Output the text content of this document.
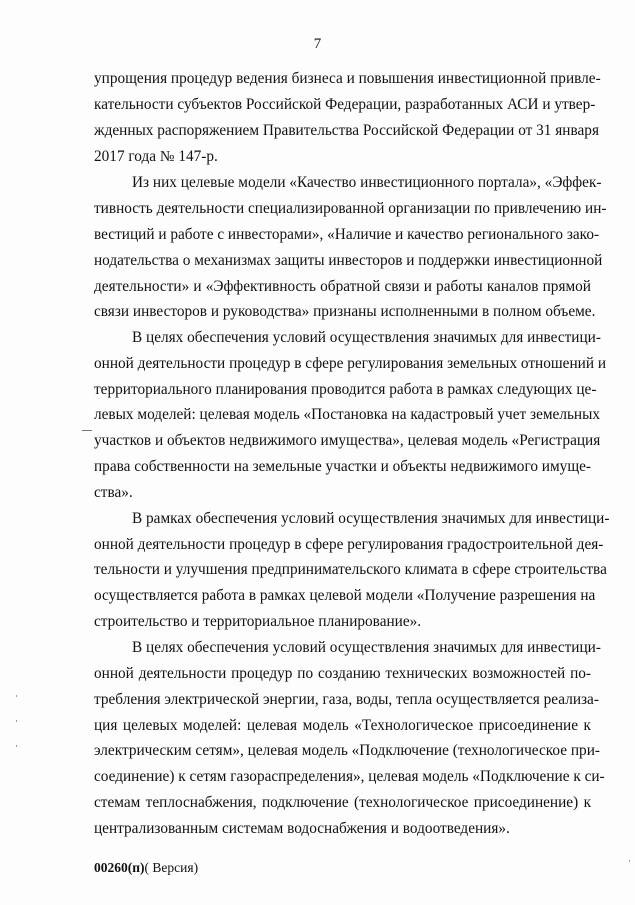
7
упрощения процедур ведения бизнеса и повышения инвестиционной привле-
кательности субъектов Российской Федерации, разработанных АСИ и утвер-
жденных распоряжением Правительства Российской Федерации от 31 января
2017 года № 147-р.
Из них целевые модели «Качество инвестиционного портала», «Эффек-
тивность деятельности специализированной организации по привлечению ин-
вестиций и работе с инвесторами», «Наличие и качество регионального зако-
нодательства о механизмах защиты инвесторов и поддержки инвестиционной
деятельности» и «Эффективность обратной связи и работы каналов прямой
связи инвесторов и руководства» признаны исполненными в полном объеме.
В целях обеспечения условий осуществления значимых для инвестици-
онной деятельности процедур в сфере регулирования земельных отношений и
территориального планирования проводится работа в рамках следующих це-
левых моделей: целевая модель «Постановка на кадастровый учет земельных
участков и объектов недвижимого имущества», целевая модель «Регистрация
права собственности на земельные участки и объекты недвижимого имуще-
ства».
В рамках обеспечения условий осуществления значимых для инвестици-
онной деятельности процедур в сфере регулирования градостроительной дея-
тельности и улучшения предпринимательского климата в сфере строительства
осуществляется работа в рамках целевой модели «Получение разрешения на
строительство и территориальное планирование».
В целях обеспечения условий осуществления значимых для инвестици-
онной деятельности процедур по созданию технических возможностей по-
требления электрической энергии, газа, воды, тепла осуществляется реализа-
ция целевых моделей: целевая модель «Технологическое присоединение к
электрическим сетям», целевая модель «Подключение (технологическое при-
соединение) к сетям газораспределения», целевая модель «Подключение к си-
стемам теплоснабжения, подключение (технологическое присоединение) к
централизованным системам водоснабжения и водоотведения».
00260(п)( Версия)
